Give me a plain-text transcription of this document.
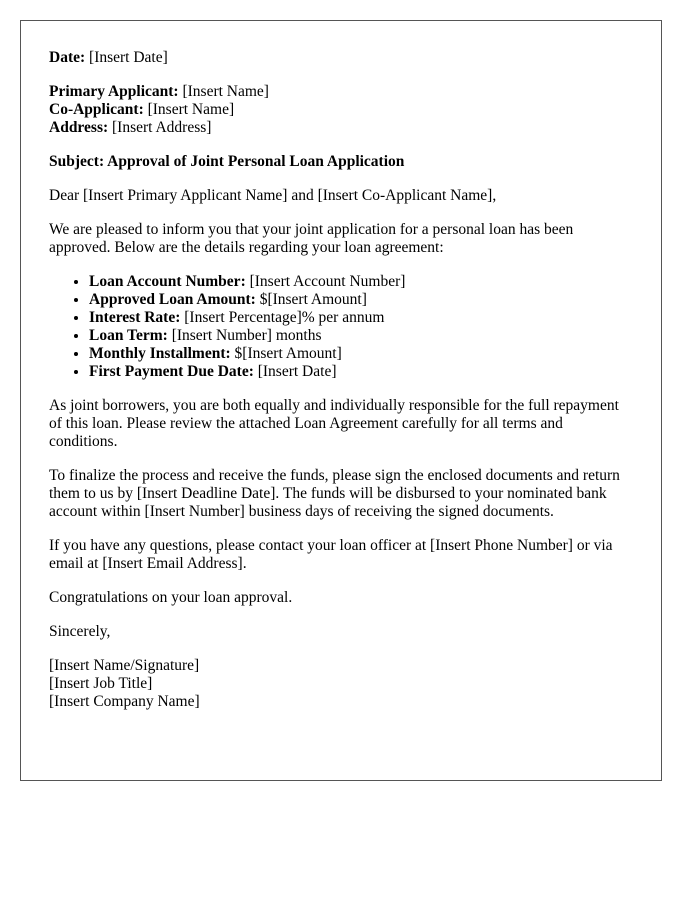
Date: [Insert Date]

Primary Applicant: [Insert Name]
Co-Applicant: [Insert Name]
Address: [Insert Address]

Subject: Approval of Joint Personal Loan Application

Dear [Insert Primary Applicant Name] and [Insert Co-Applicant Name],

We are pleased to inform you that your joint application for a personal loan has been approved. Below are the details regarding your loan agreement:

• Loan Account Number: [Insert Account Number]
• Approved Loan Amount: $[Insert Amount]
• Interest Rate: [Insert Percentage]% per annum
• Loan Term: [Insert Number] months
• Monthly Installment: $[Insert Amount]
• First Payment Due Date: [Insert Date]

As joint borrowers, you are both equally and individually responsible for the full repayment of this loan. Please review the attached Loan Agreement carefully for all terms and conditions.

To finalize the process and receive the funds, please sign the enclosed documents and return them to us by [Insert Deadline Date]. The funds will be disbursed to your nominated bank account within [Insert Number] business days of receiving the signed documents.

If you have any questions, please contact your loan officer at [Insert Phone Number] or via email at [Insert Email Address].

Congratulations on your loan approval.

Sincerely,

[Insert Name/Signature]
[Insert Job Title]
[Insert Company Name]
